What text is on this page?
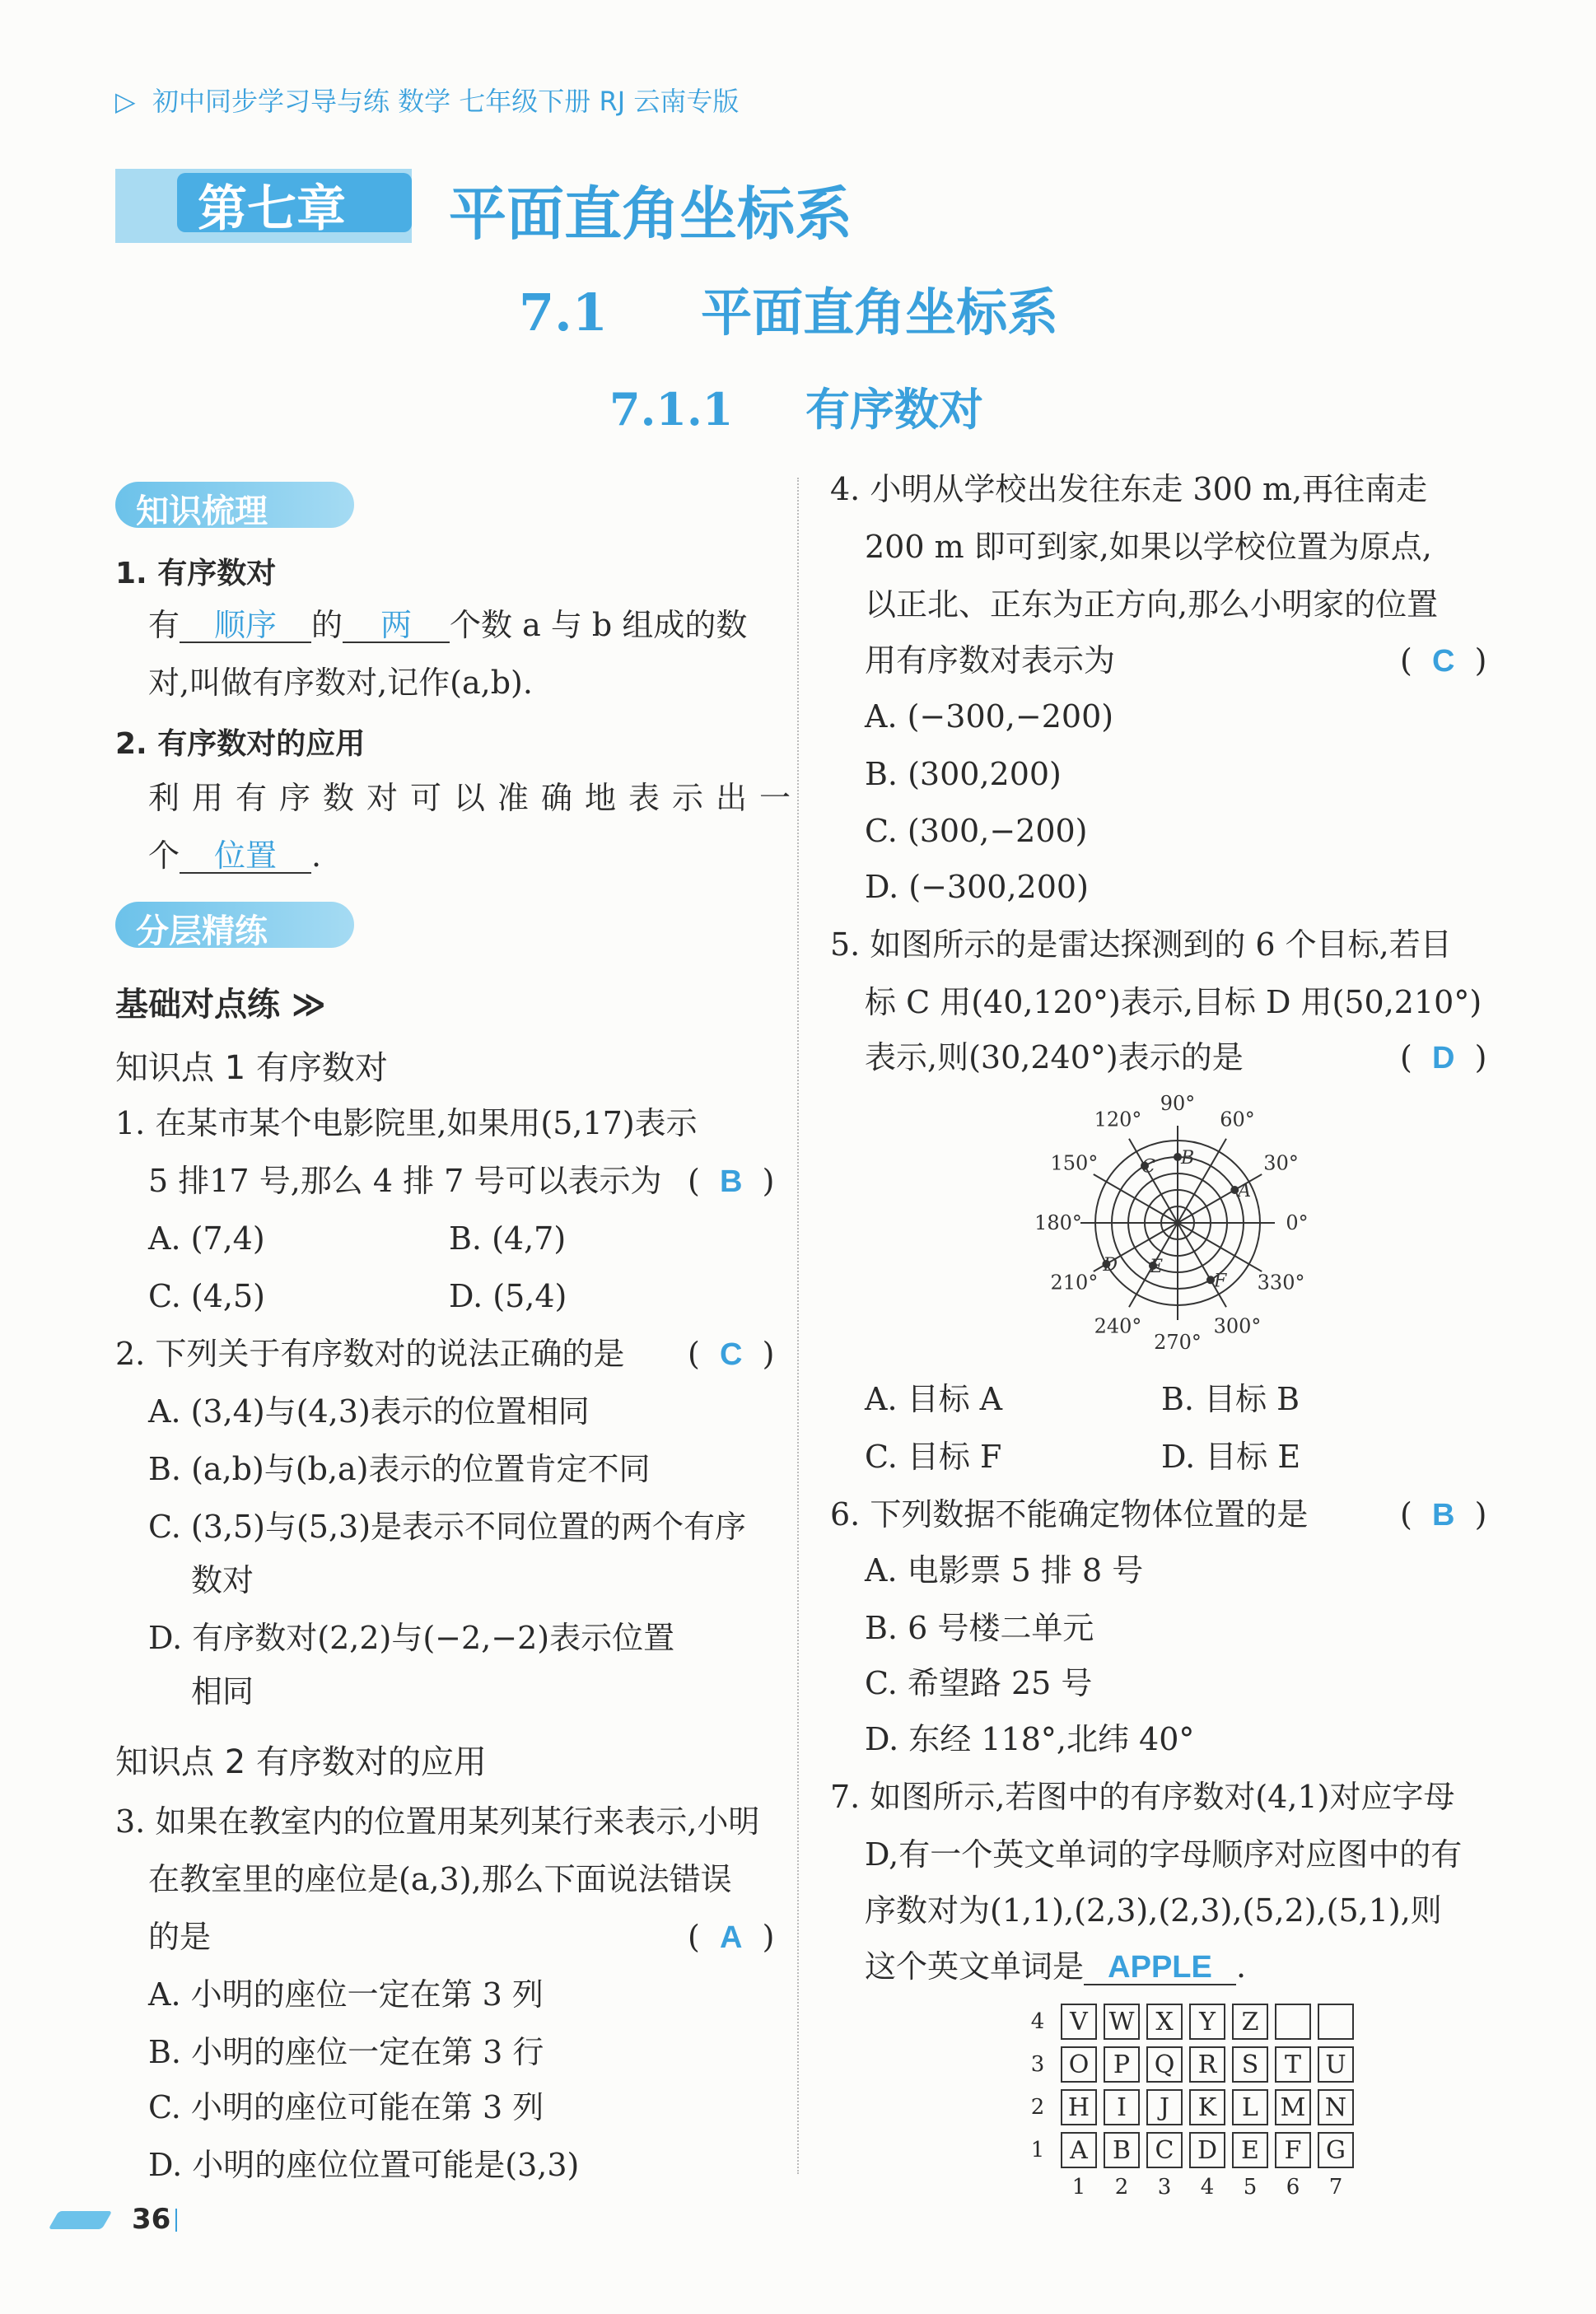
▷ 初中同步学习导与练 数学 七年级下册 RJ 云南专版
第七章 平面直角坐标系
7.1 平面直角坐标系
7.1.1 有序数对
知识梳理
1. 有序数对
有 顺序 的 两 个数 a 与 b 组成的数
对,叫做有序数对,记作(a,b).
2. 有序数对的应用
利用有序数对可以准确地表示出一
个 位置 .
分层精练
基础对点练 ≫
知识点 1 有序数对
1. 在某市某个电影院里,如果用(5,17)表示
5 排17 号,那么 4 排 7 号可以表示为 (  B  )
A. (7,4)	B. (4,7)
C. (4,5)	D. (5,4)
2. 下列关于有序数对的说法正确的是 (  C  )
A. (3,4)与(4,3)表示的位置相同
B. (a,b)与(b,a)表示的位置肯定不同
C. (3,5)与(5,3)是表示不同位置的两个有序
数对
D. 有序数对(2,2)与(−2,−2)表示位置
相同
知识点 2 有序数对的应用
3. 如果在教室内的位置用某列某行来表示,小明
在教室里的座位是(a,3),那么下面说法错误
的是	(  A  )
A. 小明的座位一定在第 3 列
B. 小明的座位一定在第 3 行
C. 小明的座位可能在第 3 列
D. 小明的座位位置可能是(3,3)
4. 小明从学校出发往东走 300 m,再往南走
200 m 即可到家,如果以学校位置为原点,
以正北、正东为正方向,那么小明家的位置
用有序数对表示为	(  C  )
A. (−300,−200)
B. (300,200)
C. (300,−200)
D. (−300,200)
5. 如图所示的是雷达探测到的 6 个目标,若目
标 C 用(40,120°)表示,目标 D 用(50,210°)
表示,则(30,240°)表示的是	(  D  )
90°
60°
30°
0°
330°
300°
270°
240°
210°
180°
150°
120°
A
B
C
D E
F
A. 目标 A	B. 目标 B
C. 目标 F	D. 目标 E
6. 下列数据不能确定物体位置的是	(  B  )
A. 电影票 5 排 8 号
B. 6 号楼二单元
C. 希望路 25 号
D. 东经 118°,北纬 40°
7. 如图所示,若图中的有序数对(4,1)对应字母
D,有一个英文单词的字母顺序对应图中的有
序数对为(1,1),(2,3),(2,3),(5,2),(5,1),则
这个英文单词是 APPLE .
4	V	W	X	Y	Z		
3	O	P	Q	R	S	T	U
2	H	I	J	K	L	M	N
1	A	B	C	D	E	F	G
	1	2	3	4	5	6	7
36
